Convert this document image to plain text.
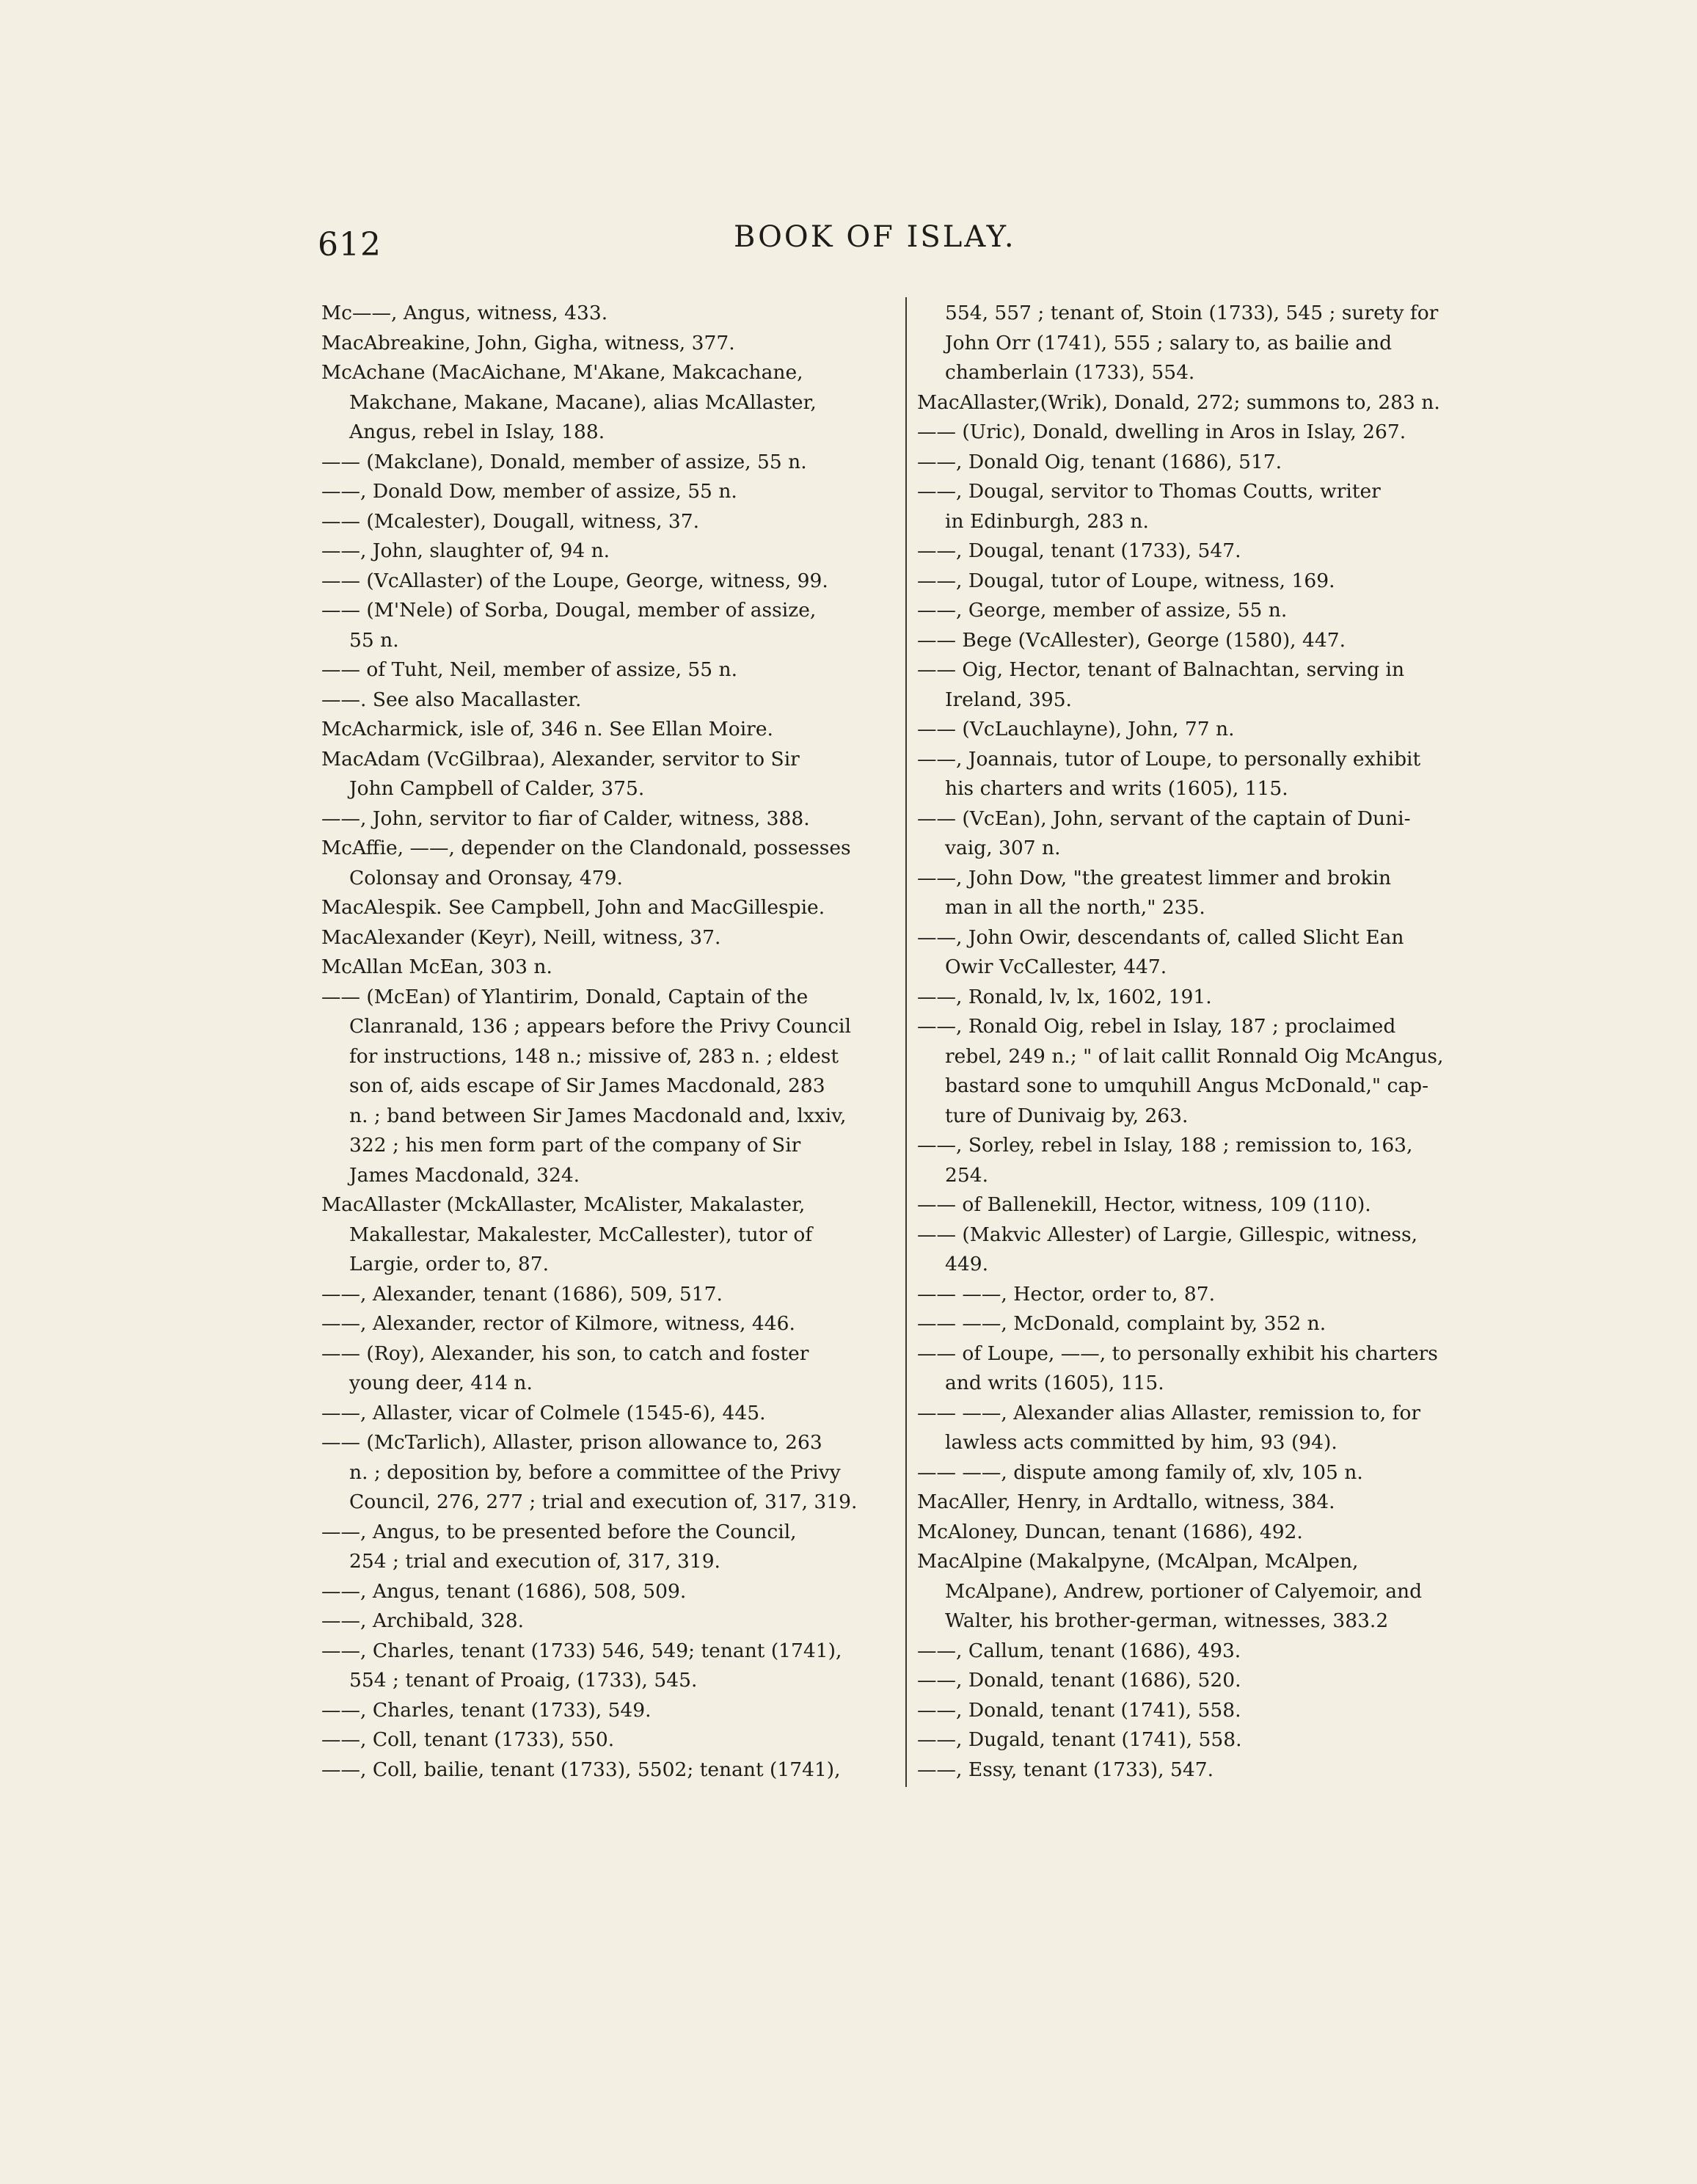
612	BOOK OF ISLAY.
Mc——, Angus, witness, 433.
MacAbreakine, John, Gigha, witness, 377.
McAchane (MacAichane, M'Akane, Makcachane,
Makchane, Makane, Macane), alias McAllaster,
Angus, rebel in Islay, 188.
—— (Makclane), Donald, member of assize, 55 n.
——, Donald Dow, member of assize, 55 n.
—— (Mcalester), Dougall, witness, 37.
——, John, slaughter of, 94 n.
—— (VcAllaster) of the Loupe, George, witness, 99.
—— (M'Nele) of Sorba, Dougal, member of assize,
55 n.
—— of Tuht, Neil, member of assize, 55 n.
——. See also Macallaster.
McAcharmick, isle of, 346 n. See Ellan Moire.
MacAdam (VcGilbraa), Alexander, servitor to Sir
John Campbell of Calder, 375.
——, John, servitor to fiar of Calder, witness, 388.
McAffie, ——, depender on the Clandonald, possesses
Colonsay and Oronsay, 479.
MacAlespik. See Campbell, John and MacGillespie.
MacAlexander (Keyr), Neill, witness, 37.
McAllan McEan, 303 n.
—— (McEan) of Ylantirim, Donald, Captain of the
Clanranald, 136 ; appears before the Privy Council
for instructions, 148 n.; missive of, 283 n. ; eldest
son of, aids escape of Sir James Macdonald, 283
n. ; band between Sir James Macdonald and, lxxiv,
322 ; his men form part of the company of Sir
James Macdonald, 324.
MacAllaster (MckAllaster, McAlister, Makalaster,
Makallestar, Makalester, McCallester), tutor of
Largie, order to, 87.
——, Alexander, tenant (1686), 509, 517.
——, Alexander, rector of Kilmore, witness, 446.
—— (Roy), Alexander, his son, to catch and foster
young deer, 414 n.
——, Allaster, vicar of Colmele (1545-6), 445.
—— (McTarlich), Allaster, prison allowance to, 263
n. ; deposition by, before a committee of the Privy
Council, 276, 277 ; trial and execution of, 317, 319.
——, Angus, to be presented before the Council,
254 ; trial and execution of, 317, 319.
——, Angus, tenant (1686), 508, 509.
——, Archibald, 328.
——, Charles, tenant (1733) 546, 549; tenant (1741),
554 ; tenant of Proaig, (1733), 545.
——, Charles, tenant (1733), 549.
——, Coll, tenant (1733), 550.
——, Coll, bailie, tenant (1733), 5502; tenant (1741),
554, 557 ; tenant of, Stoin (1733), 545 ; surety for
John Orr (1741), 555 ; salary to, as bailie and
chamberlain (1733), 554.
MacAllaster,(Wrik), Donald, 272; summons to, 283 n.
—— (Uric), Donald, dwelling in Aros in Islay, 267.
——, Donald Oig, tenant (1686), 517.
——, Dougal, servitor to Thomas Coutts, writer
in Edinburgh, 283 n.
——, Dougal, tenant (1733), 547.
——, Dougal, tutor of Loupe, witness, 169.
——, George, member of assize, 55 n.
—— Bege (VcAllester), George (1580), 447.
—— Oig, Hector, tenant of Balnachtan, serving in
Ireland, 395.
—— (VcLauchlayne), John, 77 n.
——, Joannais, tutor of Loupe, to personally exhibit
his charters and writs (1605), 115.
—— (VcEan), John, servant of the captain of Duni-
vaig, 307 n.
——, John Dow, "the greatest limmer and brokin
man in all the north," 235.
——, John Owir, descendants of, called Slicht Ean
Owir VcCallester, 447.
——, Ronald, lv, lx, 1602, 191.
——, Ronald Oig, rebel in Islay, 187 ; proclaimed
rebel, 249 n.; " of lait callit Ronnald Oig McAngus,
bastard sone to umquhill Angus McDonald," cap-
ture of Dunivaig by, 263.
——, Sorley, rebel in Islay, 188 ; remission to, 163,
254.
—— of Ballenekill, Hector, witness, 109 (110).
—— (Makvic Allester) of Largie, Gillespic, witness,
449.
—— ——, Hector, order to, 87.
—— ——, McDonald, complaint by, 352 n.
—— of Loupe, ——, to personally exhibit his charters
and writs (1605), 115.
—— ——, Alexander alias Allaster, remission to, for
lawless acts committed by him, 93 (94).
—— ——, dispute among family of, xlv, 105 n.
MacAller, Henry, in Ardtallo, witness, 384.
McAloney, Duncan, tenant (1686), 492.
MacAlpine (Makalpyne, (McAlpan, McAlpen,
McAlpane), Andrew, portioner of Calyemoir, and
Walter, his brother-german, witnesses, 383.2
——, Callum, tenant (1686), 493.
——, Donald, tenant (1686), 520.
——, Donald, tenant (1741), 558.
——, Dugald, tenant (1741), 558.
——, Essy, tenant (1733), 547.
